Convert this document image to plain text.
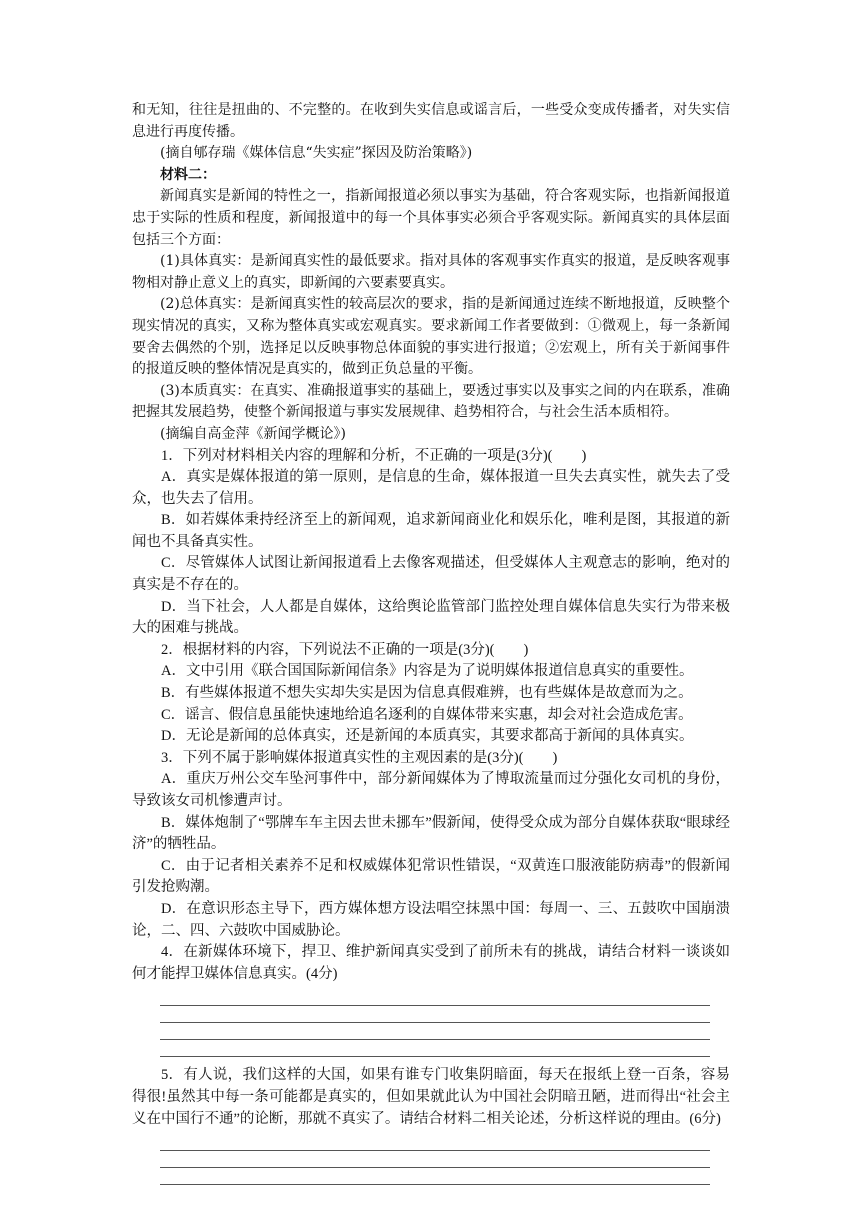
和无知，往往是扭曲的、不完整的。在收到失实信息或谣言后，一些受众变成传播者，对失实信息进行再度传播。

(摘自郇存瑞《媒体信息“失实症”探因及防治策略》)

材料二：

新闻真实是新闻的特性之一，指新闻报道必须以事实为基础，符合客观实际，也指新闻报道忠于实际的性质和程度，新闻报道中的每一个具体事实必须合乎客观实际。新闻真实的具体层面包括三个方面：

(1)具体真实：是新闻真实性的最低要求。指对具体的客观事实作真实的报道，是反映客观事物相对静止意义上的真实，即新闻的六要素要真实。

(2)总体真实：是新闻真实性的较高层次的要求，指的是新闻通过连续不断地报道，反映整个现实情况的真实，又称为整体真实或宏观真实。要求新闻工作者要做到：①微观上，每一条新闻要舍去偶然的个别，选择足以反映事物总体面貌的事实进行报道；②宏观上，所有关于新闻事件的报道反映的整体情况是真实的，做到正负总量的平衡。

(3)本质真实：在真实、准确报道事实的基础上，要透过事实以及事实之间的内在联系，准确把握其发展趋势，使整个新闻报道与事实发展规律、趋势相符合，与社会生活本质相符。

(摘编自高金萍《新闻学概论》)

1．下列对材料相关内容的理解和分析，不正确的一项是(3分)(　　)

A．真实是媒体报道的第一原则，是信息的生命，媒体报道一旦失去真实性，就失去了受众，也失去了信用。

B．如若媒体秉持经济至上的新闻观，追求新闻商业化和娱乐化，唯利是图，其报道的新闻也不具备真实性。

C．尽管媒体人试图让新闻报道看上去像客观描述，但受媒体人主观意志的影响，绝对的真实是不存在的。

D．当下社会，人人都是自媒体，这给舆论监管部门监控处理自媒体信息失实行为带来极大的困难与挑战。

2．根据材料的内容，下列说法不正确的一项是(3分)(　　)

A．文中引用《联合国国际新闻信条》内容是为了说明媒体报道信息真实的重要性。

B．有些媒体报道不想失实却失实是因为信息真假难辨，也有些媒体是故意而为之。

C．谣言、假信息虽能快速地给追名逐利的自媒体带来实惠，却会对社会造成危害。

D．无论是新闻的总体真实，还是新闻的本质真实，其要求都高于新闻的具体真实。

3．下列不属于影响媒体报道真实性的主观因素的是(3分)(　　)

A．重庆万州公交车坠河事件中，部分新闻媒体为了博取流量而过分强化女司机的身份，导致该女司机惨遭声讨。

B．媒体炮制了“鄂牌车车主因去世未挪车”假新闻，使得受众成为部分自媒体获取“眼球经济”的牺牲品。

C．由于记者相关素养不足和权威媒体犯常识性错误，“双黄连口服液能防病毒”的假新闻引发抢购潮。

D．在意识形态主导下，西方媒体想方设法唱空抹黑中国：每周一、三、五鼓吹中国崩溃论，二、四、六鼓吹中国威胁论。

4．在新媒体环境下，捍卫、维护新闻真实受到了前所未有的挑战，请结合材料一谈谈如何才能捍卫媒体信息真实。(4分)

5．有人说，我们这样的大国，如果有谁专门收集阴暗面，每天在报纸上登一百条，容易得很!虽然其中每一条可能都是真实的，但如果就此认为中国社会阴暗丑陋，进而得出“社会主义在中国行不通”的论断，那就不真实了。请结合材料二相关论述，分析这样说的理由。(6分)
